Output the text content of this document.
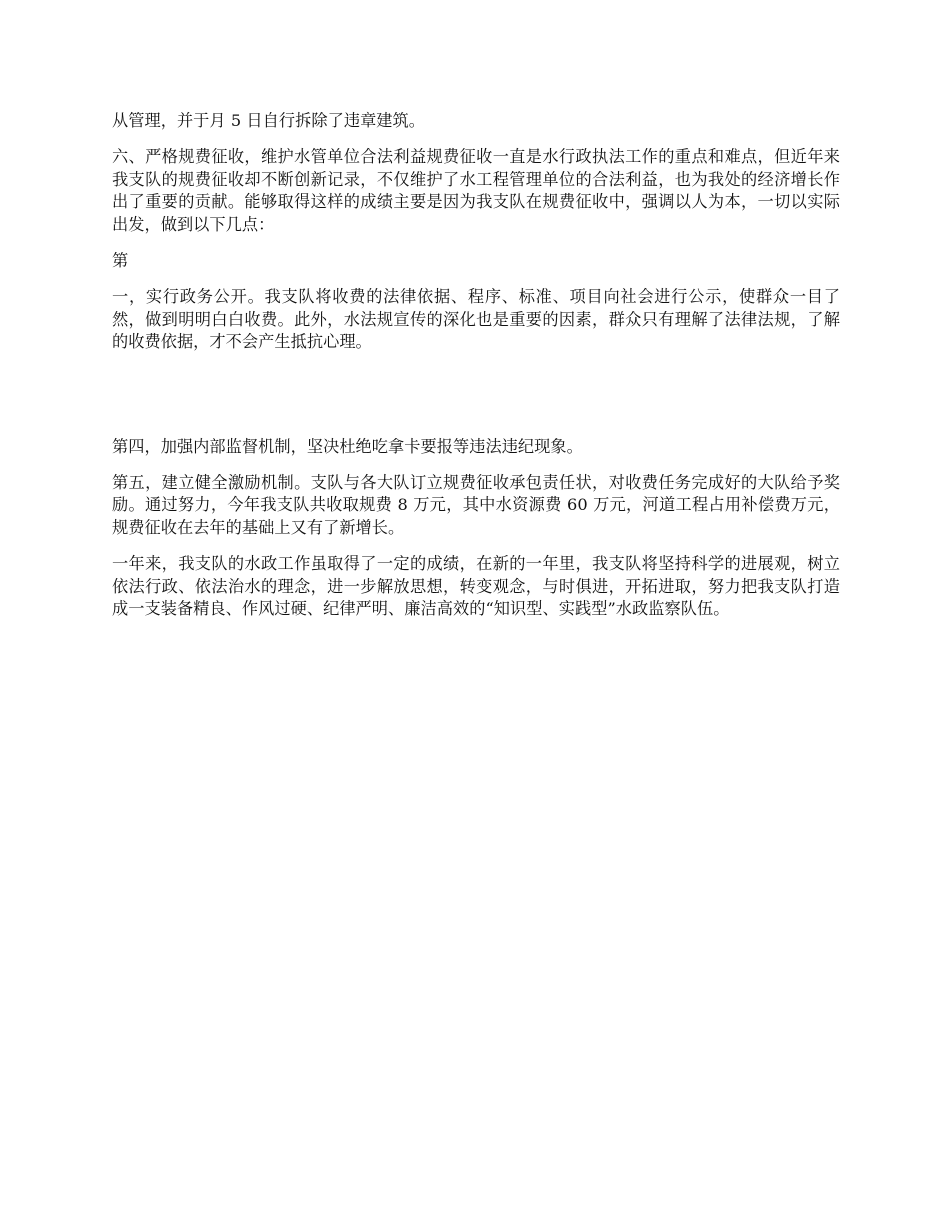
从管理，并于月 5 日自行拆除了违章建筑。

六、严格规费征收，维护水管单位合法利益规费征收一直是水行政执法工作的重点和难点，但近年来我支队的规费征收却不断创新记录，不仅维护了水工程管理单位的合法利益，也为我处的经济增长作出了重要的贡献。能够取得这样的成绩主要是因为我支队在规费征收中，强调以人为本，一切以实际出发，做到以下几点：

第

一，实行政务公开。我支队将收费的法律依据、程序、标准、项目向社会进行公示，使群众一目了然，做到明明白白收费。此外，水法规宣传的深化也是重要的因素，群众只有理解了法律法规，了解的收费依据，才不会产生抵抗心理。

第四，加强内部监督机制，坚决杜绝吃拿卡要报等违法违纪现象。

第五，建立健全激励机制。支队与各大队订立规费征收承包责任状，对收费任务完成好的大队给予奖励。通过努力，今年我支队共收取规费 8 万元，其中水资源费 60 万元，河道工程占用补偿费万元，规费征收在去年的基础上又有了新增长。

一年来，我支队的水政工作虽取得了一定的成绩，在新的一年里，我支队将坚持科学的进展观，树立依法行政、依法治水的理念，进一步解放思想，转变观念，与时俱进，开拓进取，努力把我支队打造成一支装备精良、作风过硬、纪律严明、廉洁高效的“知识型、实践型”水政监察队伍。
